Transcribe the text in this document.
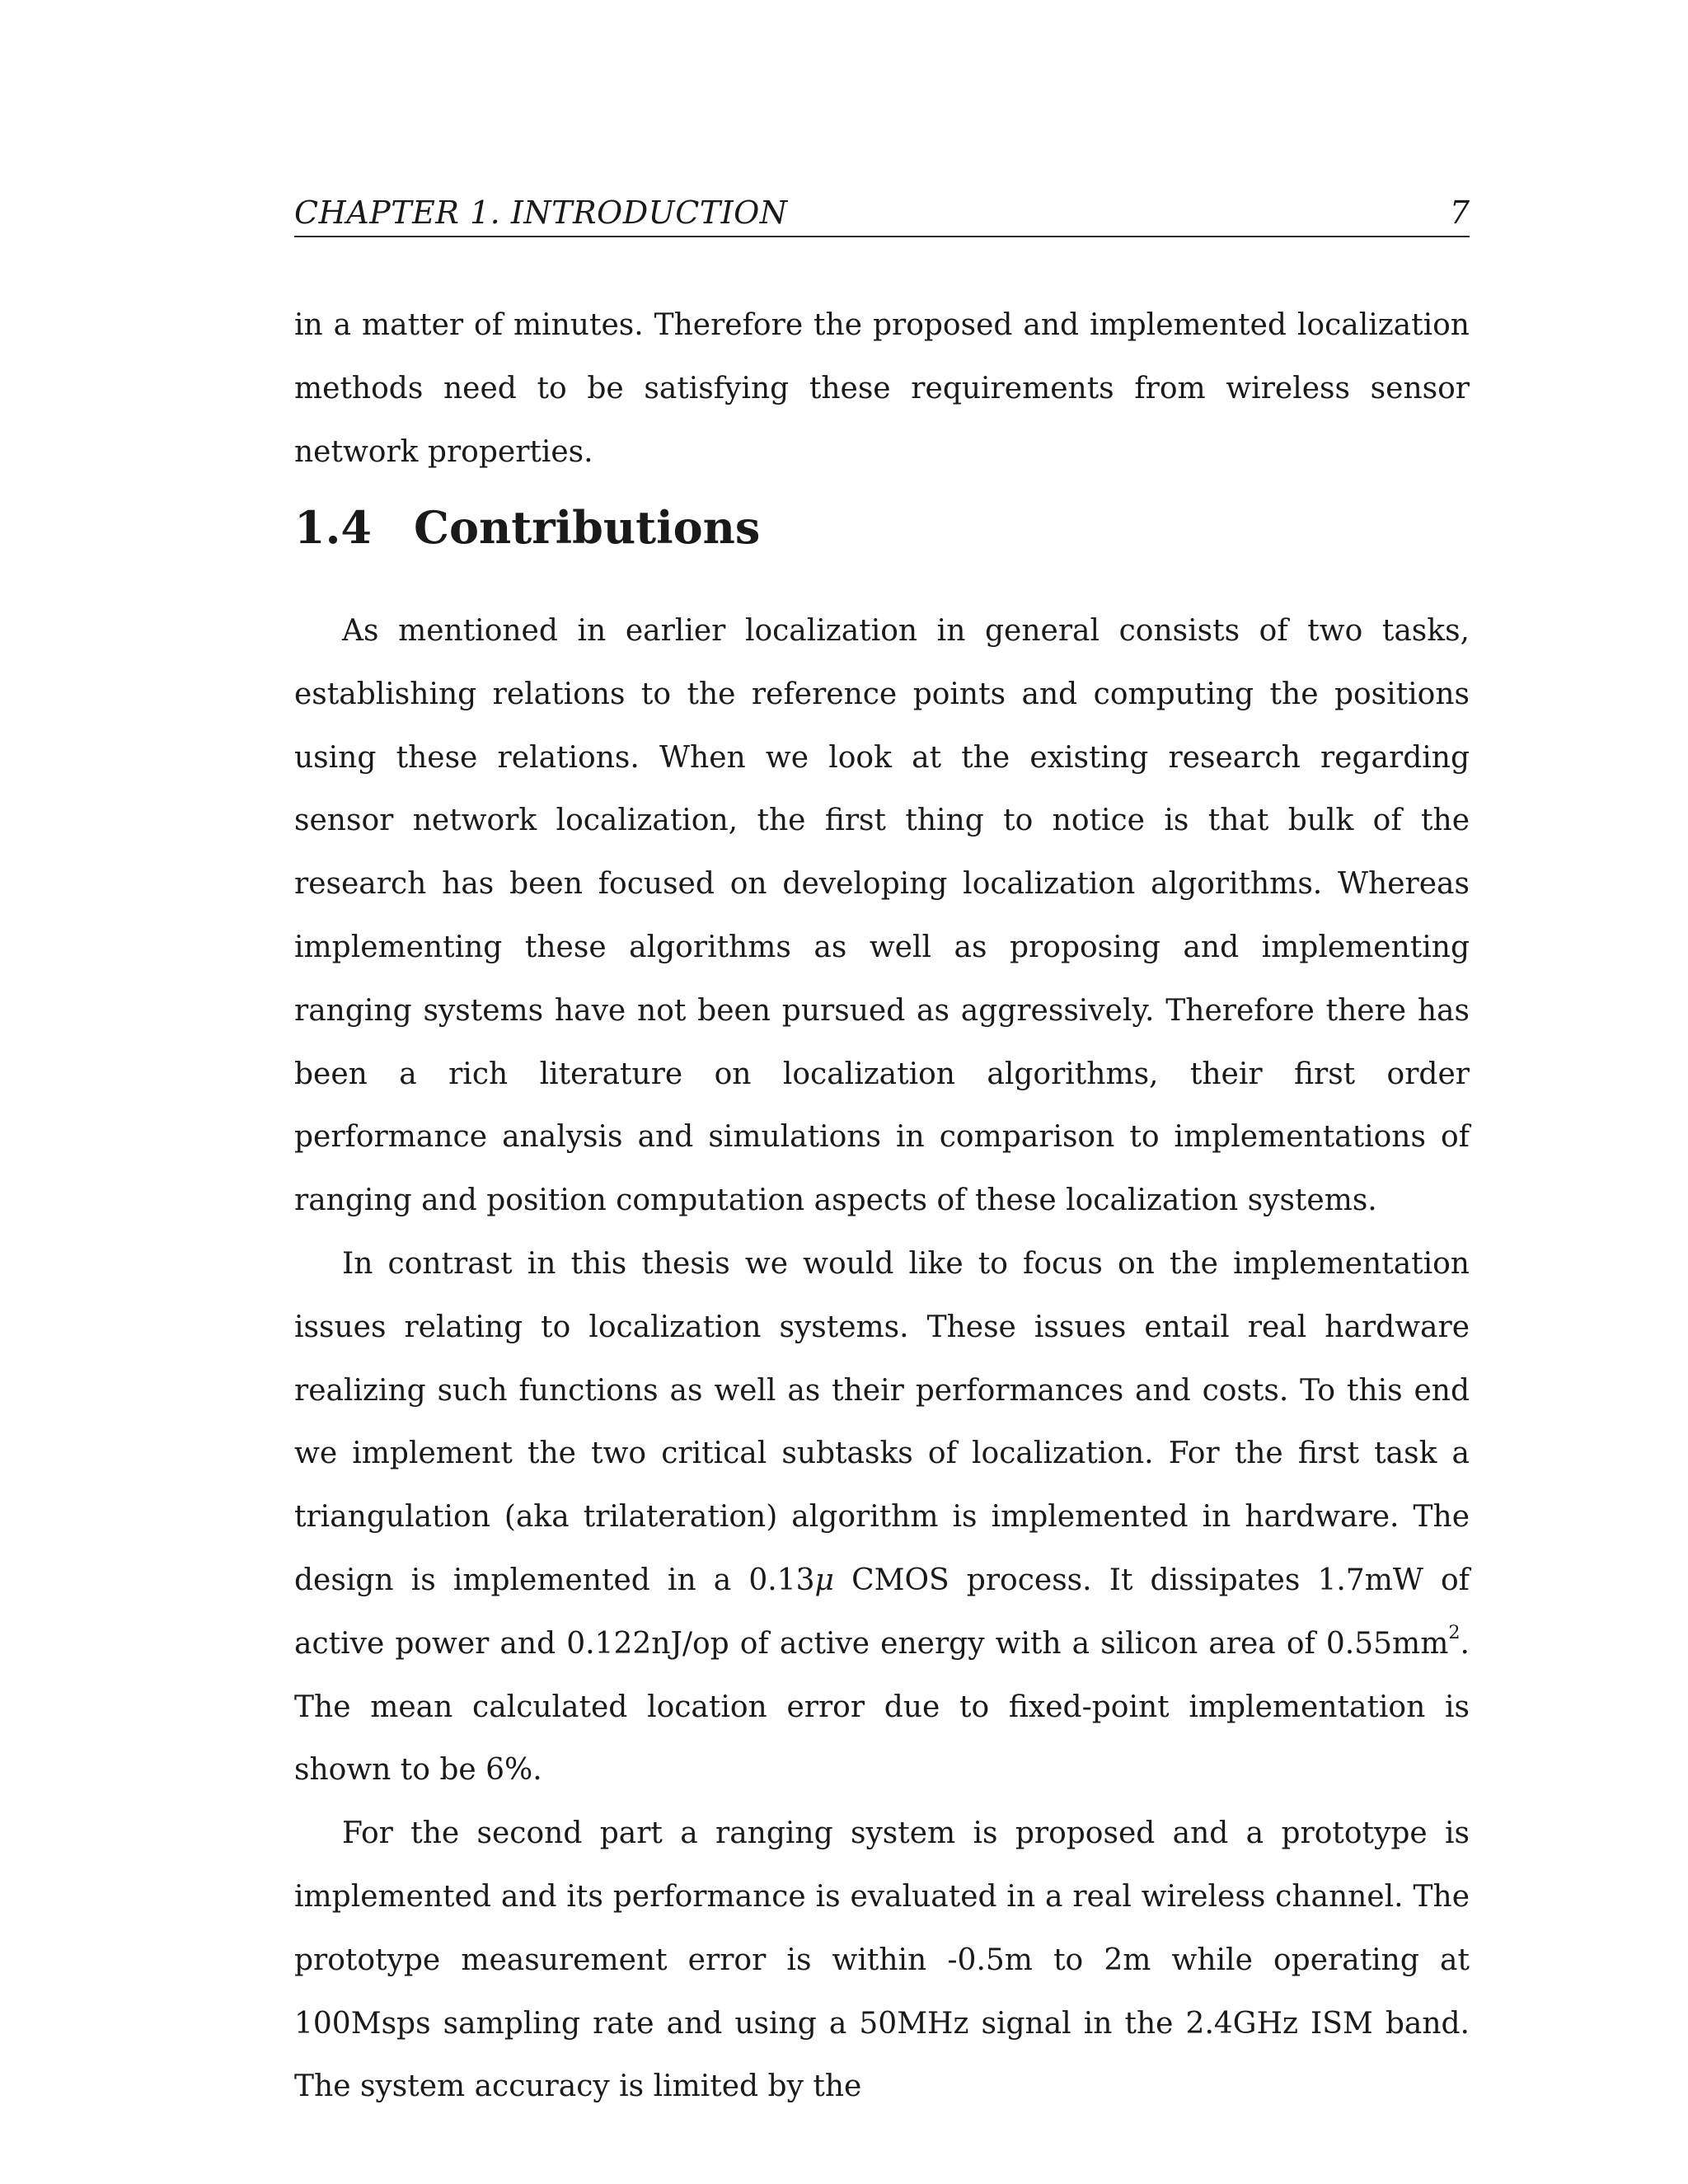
CHAPTER 1. INTRODUCTION	7

in a matter of minutes. Therefore the proposed and implemented localization methods need to be satisfying these requirements from wireless sensor network properties.

1.4 Contributions

As mentioned in earlier localization in general consists of two tasks, establishing relations to the reference points and computing the positions using these relations. When we look at the existing research regarding sensor network localization, the first thing to notice is that bulk of the research has been focused on developing localization algorithms. Whereas implementing these algorithms as well as proposing and implementing ranging systems have not been pursued as aggressively. Therefore there has been a rich literature on localization algorithms, their first order performance analysis and simulations in comparison to implementations of ranging and position computation aspects of these localization systems.

In contrast in this thesis we would like to focus on the implementation issues relating to localization systems. These issues entail real hardware realizing such functions as well as their performances and costs. To this end we implement the two critical subtasks of localization. For the first task a triangulation (aka trilateration) algorithm is implemented in hardware. The design is implemented in a 0.13μ CMOS process. It dissipates 1.7mW of active power and 0.122nJ/op of active energy with a silicon area of $0.55mm^2$. The mean calculated location error due to fixed-point implementation is shown to be 6%.

For the second part a ranging system is proposed and a prototype is implemented and its performance is evaluated in a real wireless channel. The prototype measurement error is within -0.5m to 2m while operating at 100Msps sampling rate and using a 50MHz signal in the 2.4GHz ISM band. The system accuracy is limited by the
